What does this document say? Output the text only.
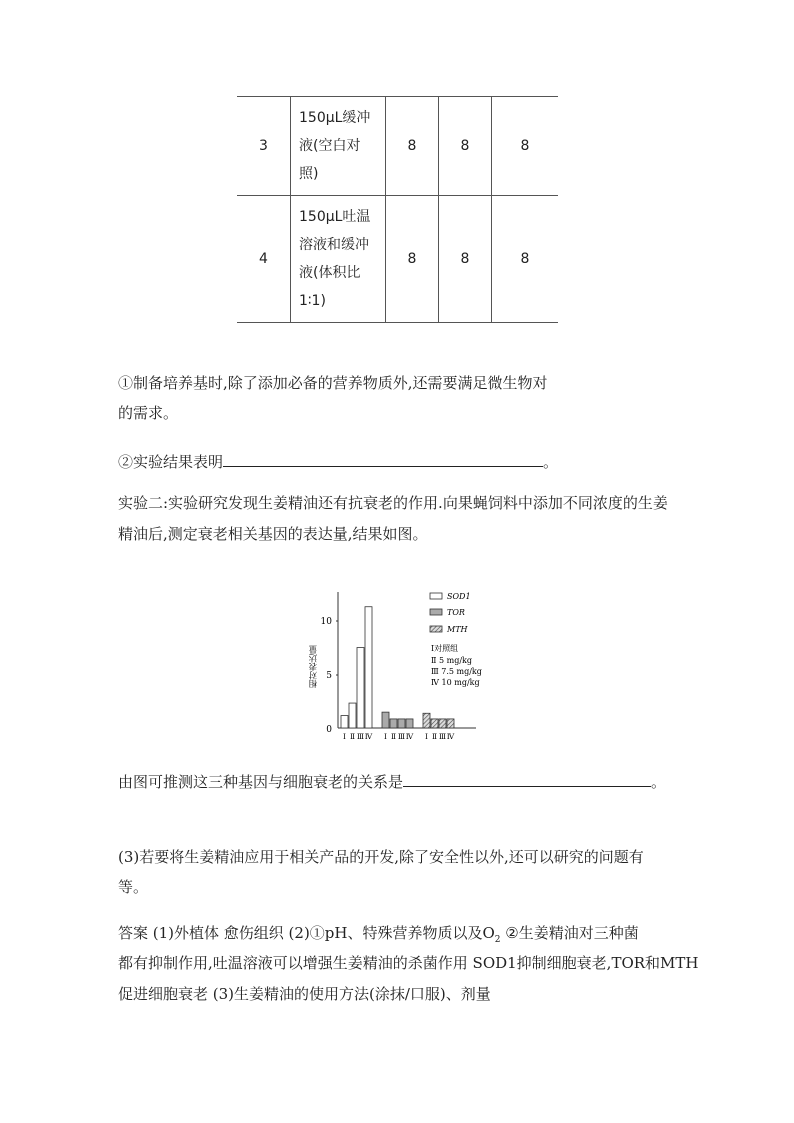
3	150μL缓冲
液(空白对
照)	8	8	8
4	150μL吐温
溶液和缓冲
液(体积比
1∶1)	8	8	8
①制备培养基时,除了添加必备的营养物质外,还需要满足微生物对
的需求。
②实验结果表明	。
实验二:实验研究发现生姜精油还有抗衰老的作用.向果蝇饲料中添加不同浓度的生姜
精油后,测定衰老相关基因的表达量,结果如图。
0
5
10
相对表达量
Ⅰ Ⅱ Ⅲ Ⅳ Ⅰ Ⅱ Ⅲ Ⅳ Ⅰ Ⅱ Ⅲ Ⅳ
SOD1
TOR
MTH
Ⅰ对照组
Ⅱ 5 mg/kg
Ⅲ 7.5 mg/kg
Ⅳ 10 mg/kg
由图可推测这三种基因与细胞衰老的关系是	。
(3)若要将生姜精油应用于相关产品的开发,除了安全性以外,还可以研究的问题有
等。
答案 (1)外植体 愈伤组织 (2)①pH、特殊营养物质以及$O_2$ ②生姜精油对三种菌
都有抑制作用,吐温溶液可以增强生姜精油的杀菌作用 SOD1抑制细胞衰老,TOR和MTH
促进细胞衰老 (3)生姜精油的使用方法(涂抹/口服)、剂量
